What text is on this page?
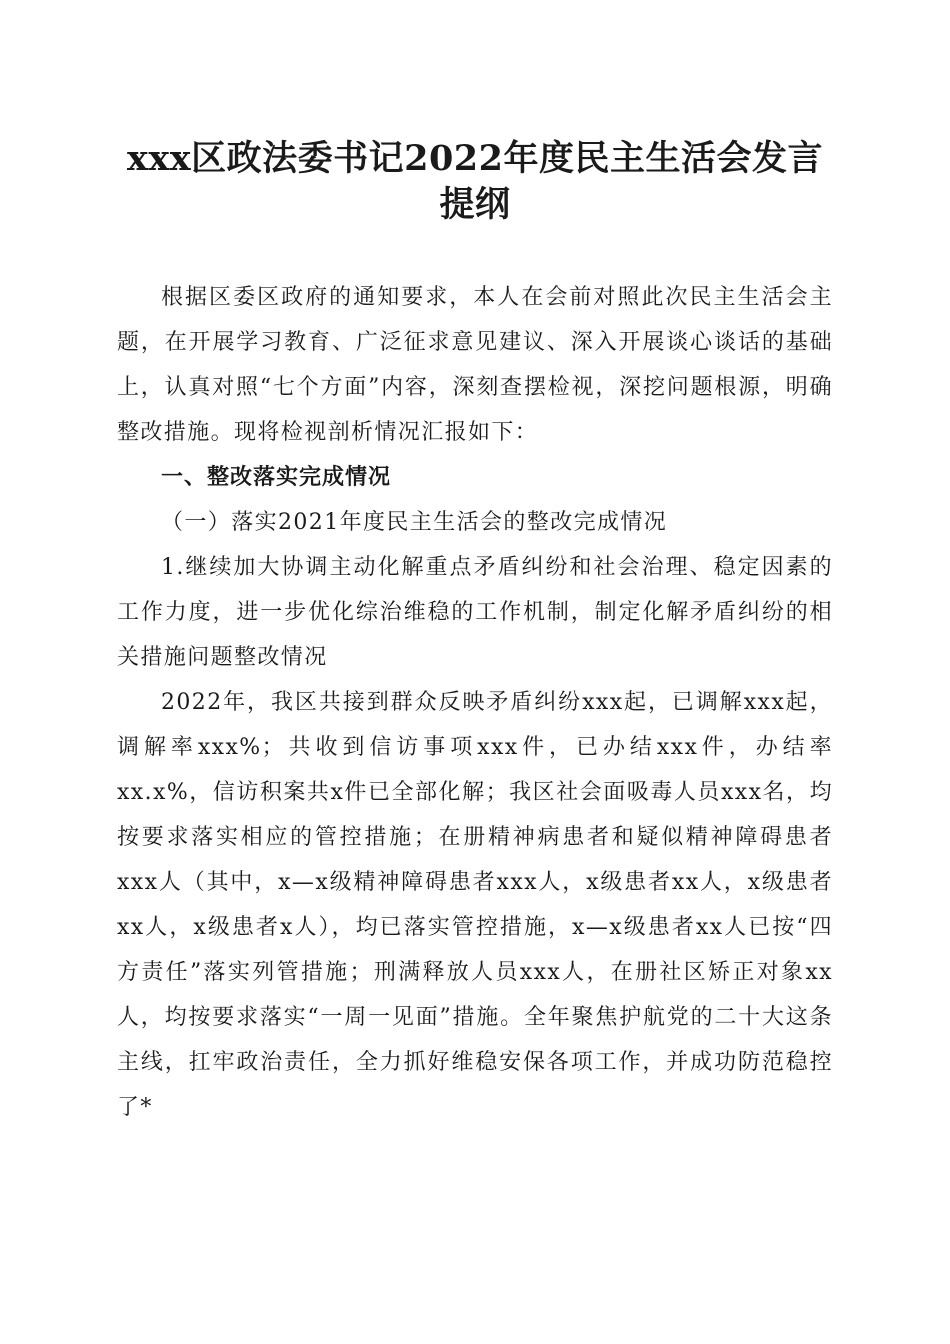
xxx区政法委书记2022年度民主生活会发言提纲

根据区委区政府的通知要求，本人在会前对照此次民主生活会主题，在开展学习教育、广泛征求意见建议、深入开展谈心谈话的基础上，认真对照“七个方面”内容，深刻查摆检视，深挖问题根源，明确整改措施。现将检视剖析情况汇报如下：

一、整改落实完成情况

（一）落实2021年度民主生活会的整改完成情况

1.继续加大协调主动化解重点矛盾纠纷和社会治理、稳定因素的工作力度，进一步优化综治维稳的工作机制，制定化解矛盾纠纷的相关措施问题整改情况

2022年，我区共接到群众反映矛盾纠纷xxx起，已调解xxx起，调解率xxx%；共收到信访事项xxx件，已办结xxx件，办结率xx.x%，信访积案共x件已全部化解；我区社会面吸毒人员xxx名，均按要求落实相应的管控措施；在册精神病患者和疑似精神障碍患者xxx人（其中，x—x级精神障碍患者xxx人，x级患者xx人，x级患者xx人，x级患者x人），均已落实管控措施，x—x级患者xx人已按“四方责任”落实列管措施；刑满释放人员xxx人，在册社区矫正对象xx人，均按要求落实“一周一见面”措施。全年聚焦护航党的二十大这条主线，扛牢政治责任，全力抓好维稳安保各项工作，并成功防范稳控了*
